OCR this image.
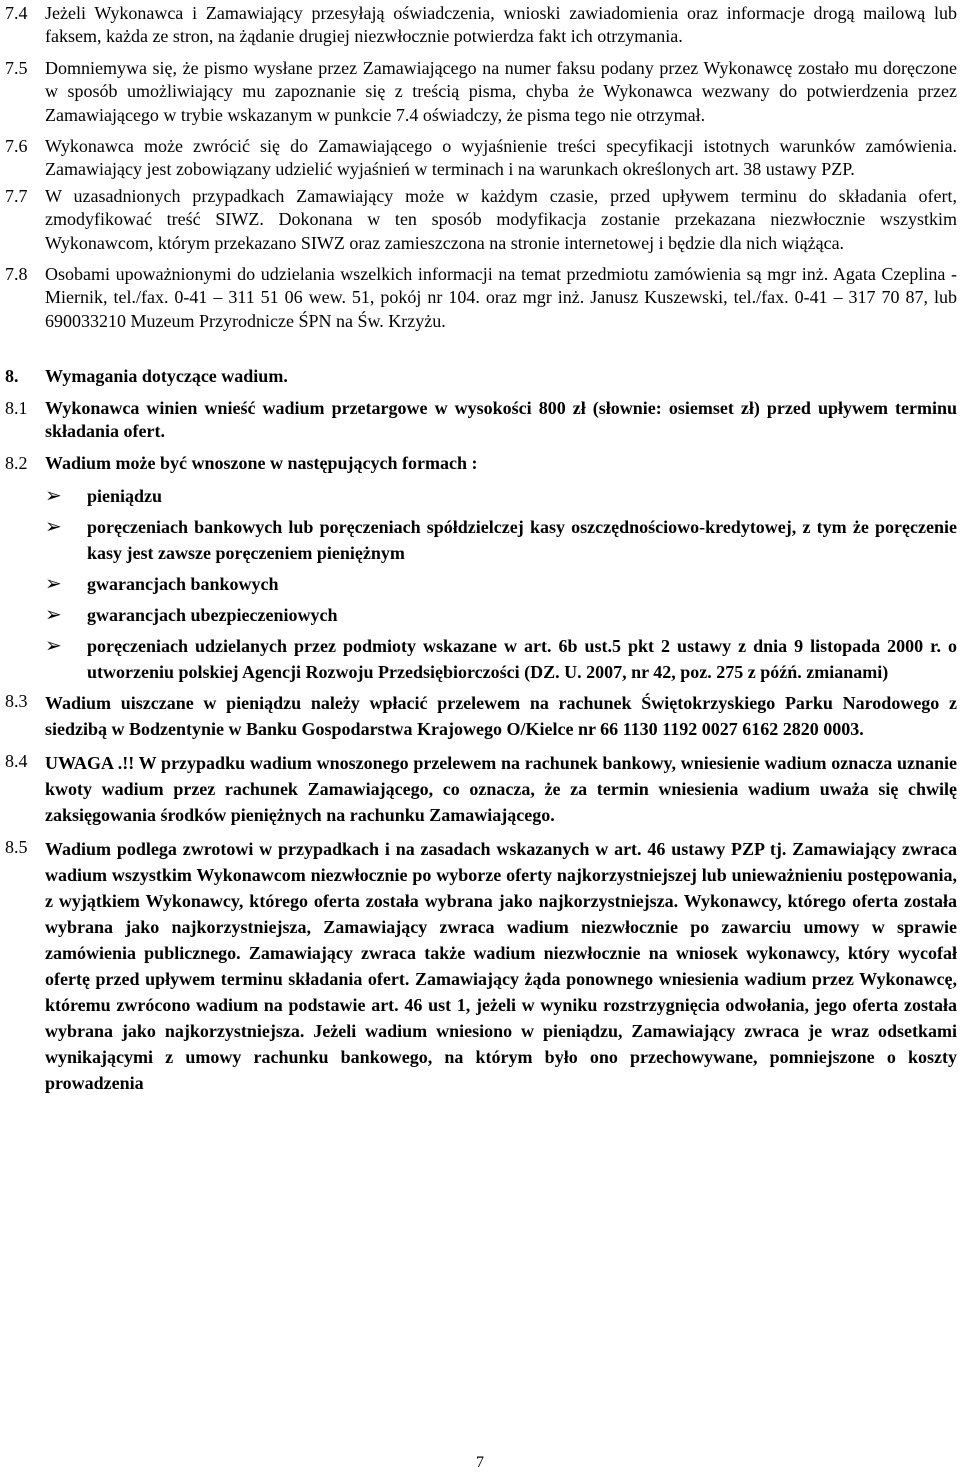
7.4 Jeżeli Wykonawca i Zamawiający przesyłają oświadczenia, wnioski zawiadomienia oraz informacje drogą mailową lub faksem, każda ze stron, na żądanie drugiej niezwłocznie potwierdza fakt ich otrzymania.
7.5 Domniemywa się, że pismo wysłane przez Zamawiającego na numer faksu podany przez Wykonawcę zostało mu doręczone w sposób umożliwiający mu zapoznanie się z treścią pisma, chyba że Wykonawca wezwany do potwierdzenia przez Zamawiającego w trybie wskazanym w punkcie 7.4 oświadczy, że pisma tego nie otrzymał.
7.6 Wykonawca może zwrócić się do Zamawiającego o wyjaśnienie treści specyfikacji istotnych warunków zamówienia. Zamawiający jest zobowiązany udzielić wyjaśnień w terminach i na warunkach określonych art. 38 ustawy PZP.
7.7 W uzasadnionych przypadkach Zamawiający może w każdym czasie, przed upływem terminu do składania ofert, zmodyfikować treść SIWZ. Dokonana w ten sposób modyfikacja zostanie przekazana niezwłocznie wszystkim Wykonawcom, którym przekazano SIWZ oraz zamieszczona na stronie internetowej i będzie dla nich wiążąca.
7.8 Osobami upoważnionymi do udzielania wszelkich informacji na temat przedmiotu zamówienia są mgr inż. Agata Czeplina - Miernik, tel./fax. 0-41 – 311 51 06 wew. 51, pokój nr 104. oraz mgr inż. Janusz Kuszewski, tel./fax. 0-41 – 317 70 87, lub 690033210 Muzeum Przyrodnicze ŚPN na Św. Krzyżu.
8.	Wymagania dotyczące wadium.
8.1 Wykonawca winien wnieść wadium przetargowe w wysokości 800 zł (słownie: osiemset zł) przed upływem terminu składania ofert.
8.2 Wadium może być wnoszone w następujących formach :
➢	pieniądzu
➢	poręczeniach bankowych lub poręczeniach spółdzielczej kasy oszczędnościowo-kredytowej, z tym że poręczenie kasy jest zawsze poręczeniem pieniężnym
➢	gwarancjach bankowych
➢	gwarancjach ubezpieczeniowych
➢	poręczeniach udzielanych przez podmioty wskazane w art. 6b ust.5 pkt 2 ustawy z dnia 9 listopada 2000 r. o utworzeniu polskiej Agencji Rozwoju Przedsiębiorczości (DZ. U. 2007, nr 42, poz. 275 z późń. zmianami)
8.3 Wadium uiszczane w pieniądzu należy wpłacić przelewem na rachunek Świętokrzyskiego Parku Narodowego z siedzibą w Bodzentynie w Banku Gospodarstwa Krajowego O/Kielce nr 66 1130 1192 0027 6162 2820 0003.
8.4 UWAGA .!! W przypadku wadium wnoszonego przelewem na rachunek bankowy, wniesienie wadium oznacza uznanie kwoty wadium przez rachunek Zamawiającego, co oznacza, że za termin wniesienia wadium uważa się chwilę zaksięgowania środków pieniężnych na rachunku Zamawiającego.
8.5 Wadium podlega zwrotowi w przypadkach i na zasadach wskazanych w art. 46 ustawy PZP tj. Zamawiający zwraca wadium wszystkim Wykonawcom niezwłocznie po wyborze oferty najkorzystniejszej lub unieważnieniu postępowania, z wyjątkiem Wykonawcy, którego oferta została wybrana jako najkorzystniejsza. Wykonawcy, którego oferta została wybrana jako najkorzystniejsza, Zamawiający zwraca wadium niezwłocznie po zawarciu umowy w sprawie zamówienia publicznego. Zamawiający zwraca także wadium niezwłocznie na wniosek wykonawcy, który wycofał ofertę przed upływem terminu składania ofert. Zamawiający żąda ponownego wniesienia wadium przez Wykonawcę, któremu zwrócono wadium na podstawie art. 46 ust 1, jeżeli w wyniku rozstrzygnięcia odwołania, jego oferta została wybrana jako najkorzystniejsza. Jeżeli wadium wniesiono w pieniądzu, Zamawiający zwraca je wraz odsetkami wynikającymi z umowy rachunku bankowego, na którym było ono przechowywane, pomniejszone o koszty prowadzenia
7
